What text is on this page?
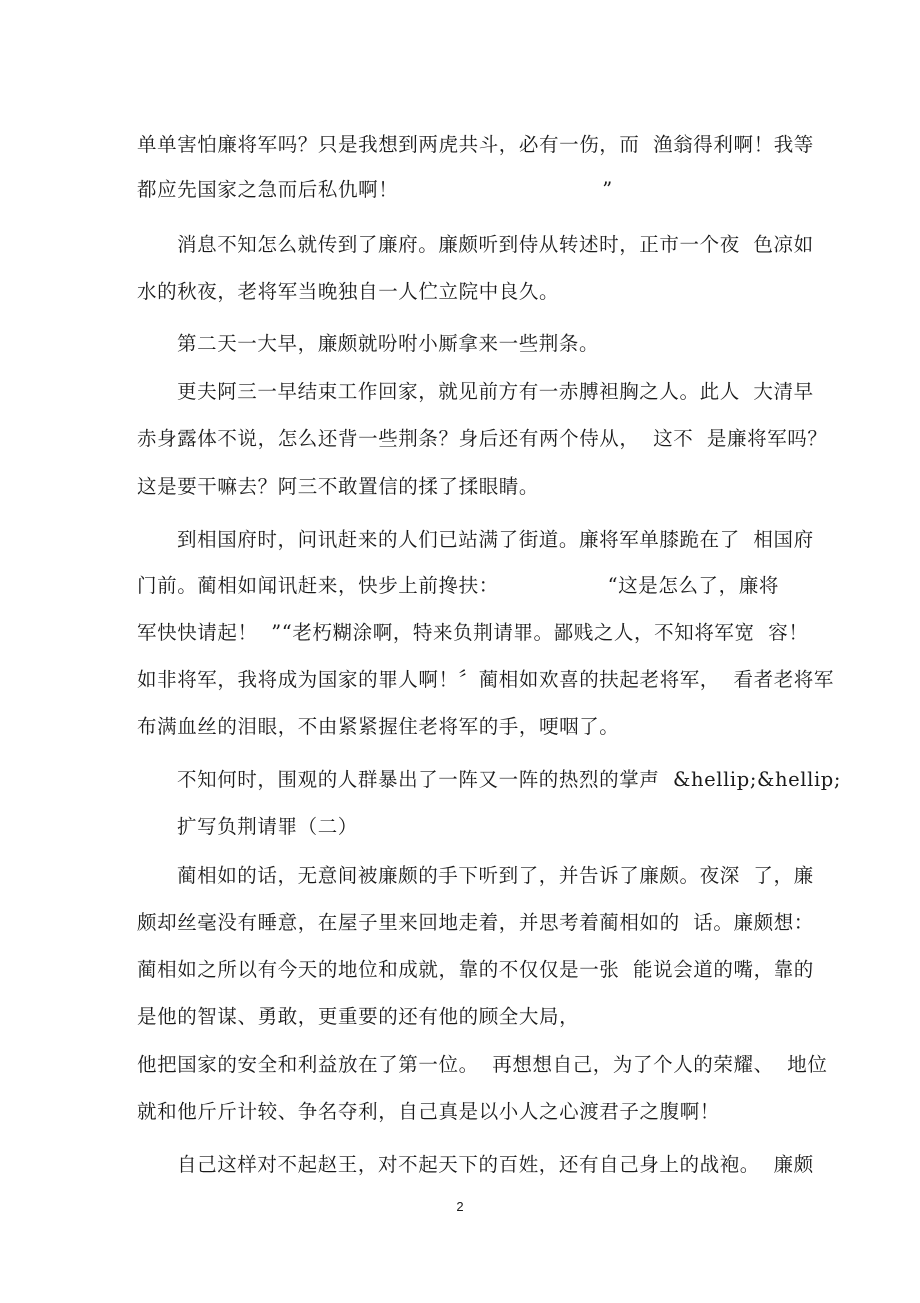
单单害怕廉将军吗？只是我想到两虎共斗，必有一伤，而  渔翁得利啊！我等
都应先国家之急而后私仇啊！                              ”
消息不知怎么就传到了廉府。廉颇听到侍从转述时，正市一个夜  色凉如
水的秋夜，老将军当晚独自一人伫立院中良久。
第二天一大早，廉颇就吩咐小厮拿来一些荆条。
更夫阿三一早结束工作回家，就见前方有一赤膊袒胸之人。此人  大清早
赤身露体不说，怎么还背一些荆条？身后还有两个侍从，  这不  是廉将军吗？
这是要干嘛去？阿三不敢置信的揉了揉眼睛。
到相国府时，问讯赶来的人们已站满了街道。廉将军单膝跪在了  相国府
门前。蔺相如闻讯赶来，快步上前搀扶：                “这是怎么了，廉将
军快快请起！  ”“老朽糊涂啊，特来负荆请罪。鄙贱之人，不知将军宽  容！
如非将军，我将成为国家的罪人啊！〞蔺相如欢喜的扶起老将军，  看者老将军
布满血丝的泪眼，不由紧紧握住老将军的手，哽咽了。
不知何时，围观的人群暴出了一阵又一阵的热烈的掌声  &hellip;&hellip;
扩写负荆请罪（二）
蔺相如的话，无意间被廉颇的手下听到了，并告诉了廉颇。夜深  了，廉
颇却丝毫没有睡意，在屋子里来回地走着，并思考着蔺相如的  话。廉颇想：
蔺相如之所以有今天的地位和成就，靠的不仅仅是一张  能说会道的嘴，靠的
是他的智谋、勇敢，更重要的还有他的顾全大局，
他把国家的安全和利益放在了第一位。  再想想自己，为了个人的荣耀、  地位
就和他斤斤计较、争名夺利，自己真是以小人之心渡君子之腹啊！
自己这样对不起赵王，对不起天下的百姓，还有自己身上的战袍。  廉颇
2
